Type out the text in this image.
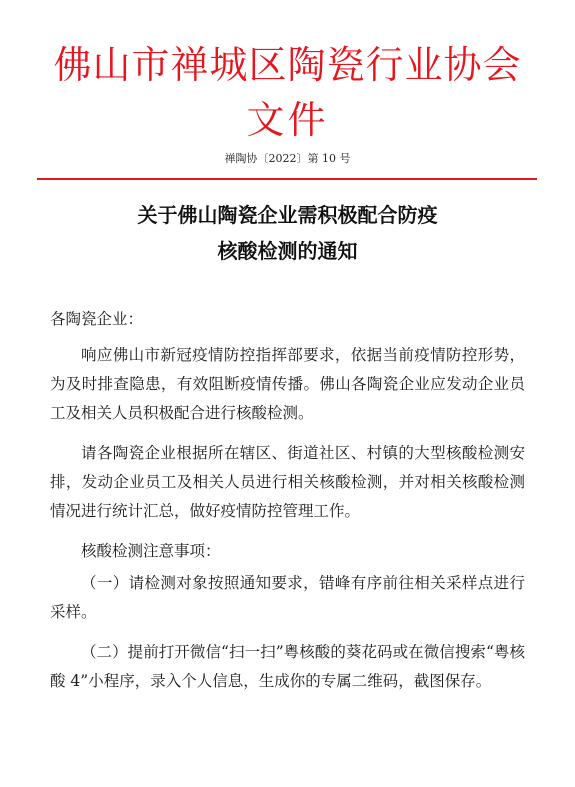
佛山市禅城区陶瓷行业协会
文件
禅陶协〔2022〕第 10 号
关于佛山陶瓷企业需积极配合防疫
核酸检测的通知
各陶瓷企业：

响应佛山市新冠疫情防控指挥部要求，依据当前疫情防控形势，为及时排查隐患，有效阻断疫情传播。佛山各陶瓷企业应发动企业员工及相关人员积极配合进行核酸检测。

请各陶瓷企业根据所在辖区、街道社区、村镇的大型核酸检测安排，发动企业员工及相关人员进行相关核酸检测，并对相关核酸检测情况进行统计汇总，做好疫情防控管理工作。

核酸检测注意事项：

（一）请检测对象按照通知要求，错峰有序前往相关采样点进行采样。

（二）提前打开微信“扫一扫”粤核酸的葵花码或在微信搜索“粤核酸 4”小程序，录入个人信息，生成你的专属二维码，截图保存。
